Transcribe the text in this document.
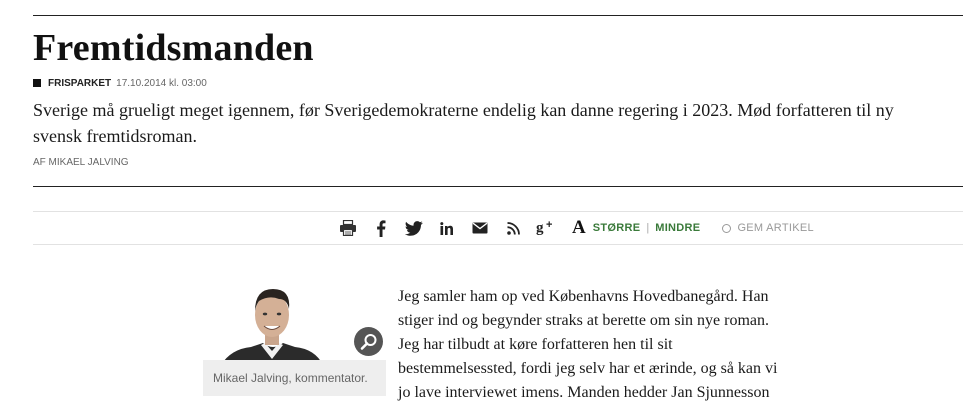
Fremtidsmanden
FRISPARKET 17.10.2014 kl. 03:00

Sverige må grueligt meget igennem, før Sverigedemokraterne endelig kan danne regering i 2023. Mød forfatteren til ny svensk fremtidsroman.

AF MIKAEL JALVING
g + A STØRRE | MINDRE	GEM ARTIKEL
Mikael Jalving, kommentator.
Jeg samler ham op ved Københavns Hovedbanegård. Han
stiger ind og begynder straks at berette om sin nye roman.
Jeg har tilbudt at køre forfatteren hen til sit
bestemmelsessted, fordi jeg selv har et ærinde, og så kan vi
jo lave interviewet imens. Manden hedder Jan Sjunnesson
